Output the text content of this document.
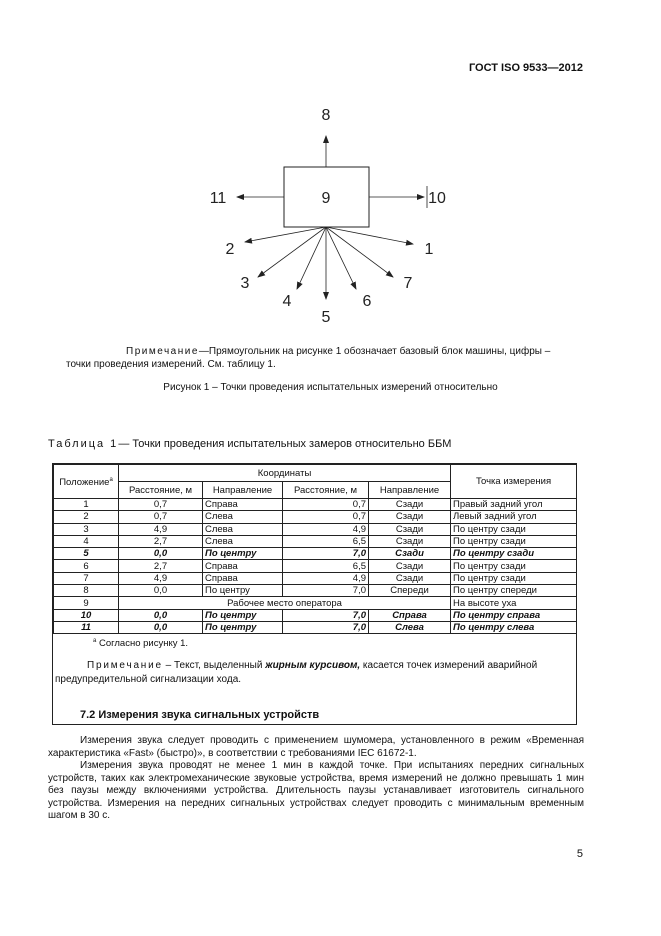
ГОСТ ISO 9533—2012
8
9
11	10
2	1
3	7
4	6
5
Примечание—Прямоугольник на рисунке 1 обозначает базовый блок машины, цифры –
точки проведения измерений. См. таблицу 1.
Рисунок 1 – Точки проведения испытательных измерений относительно
Таблица 1— Точки проведения испытательных замеров относительно ББМ
Положение$^а$	Координаты				Точка измерения
	Расстояние, м	Направление	Расстояние, м	Направление	
1	0,7	Справа	0,7	Сзади	Правый задний угол
2	0,7	Слева	0,7	Сзади	Левый задний угол
3	4,9	Слева	4,9	Сзади	По центру сзади
4	2,7	Слева	6,5	Сзади	По центру сзади
5	0,0	По центру	7,0	Сзади	По центру сзади
6	2,7	Справа	6,5	Сзади	По центру сзади
7	4,9	Справа	4,9	Сзади	По центру сзади
8	0,0	По центру	7,0	Спереди	По центру спереди
9	Рабочее место оператора				На высоте уха
10	0,0	По центру	7,0	Справа	По центру справа
11	0,0	По центру	7,0	Слева	По центру слева
$^а$ Согласно рисунку 1.
Примечание – Текст, выделенный жирным курсивом, касается точек измерений аварийной предупредительной сигнализации хода.
7.2 Измерения звука сигнальных устройств

Измерения звука следует проводить с применением шумомера, установленного в режим «Временная характеристика «Fast» (быстро)», в соответствии с требованиями IEC 61672-1.

Измерения звука проводят не менее 1 мин в каждой точке. При испытаниях передних сигнальных устройств, таких как электромеханические звуковые устройства, время измерений не должно превышать 1 мин без паузы между включениями устройства. Длительность паузы устанавливает изготовитель сигнального устройства. Измерения на передних сигнальных устройствах следует проводить с минимальным временным шагом в 30 с.

5
